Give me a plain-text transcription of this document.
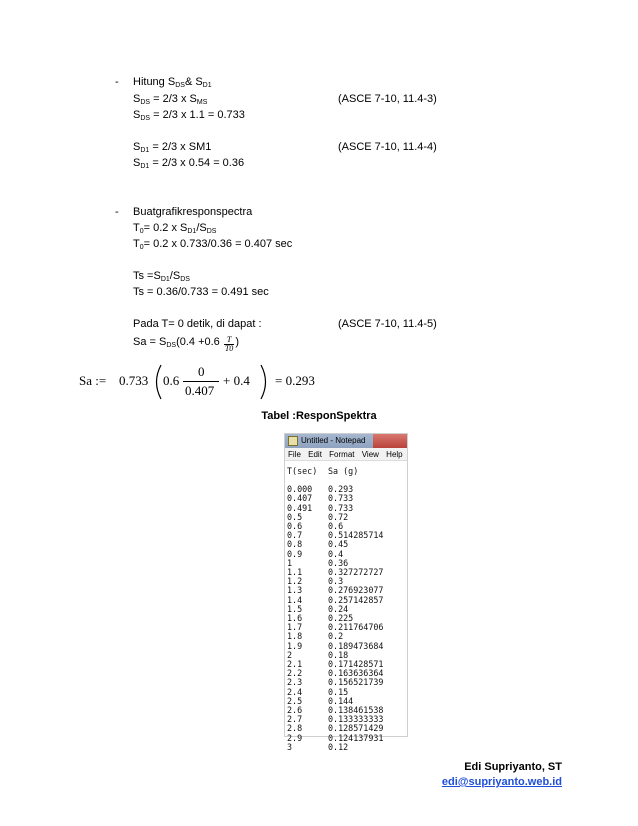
- Hitung $S_{DS}\&$ $S_{D1}$
$S_{DS} = 2/3$ x $S_{MS}$	(ASCE 7-10, 11.4-3)
$S_{DS} = 2/3$ x 1.1 = 0.733
$S_{D1} = 2/3$ x SM1	(ASCE 7-10, 11.4-4)
$S_{D1} = 2/3$ x 0.54 = 0.36
- Buatgrafikresponspectra
$T_0= 0.2$ x $S_{D1}/S_{DS}$
$T_0= 0.2$ x 0.733/0.36 = 0.407 sec
$Ts =S_{D1}/S_{DS}$
Ts = 0.36/0.733 = 0.491 sec
Pada T= 0 detik, di dapat :	(ASCE 7-10, 11.4-5)
$Sa = S_{DS}(0.4 +0.6 \frac{T}{T0}$ )
Sa := 0.733 0.6
0
0.407
+ 0.4 = 0.293
Tabel :ResponSpektra
Untitled - Notepad
File Edit Format View Help
T(sec)	Sa (g)
0.000	0.293
0.407	0.733
0.491	0.733
0.5	0.72
0.6	0.6
0.7	0.514285714
0.8	0.45
0.9	0.4
1	0.36
1.1	0.327272727
1.2	0.3
1.3	0.276923077
1.4	0.257142857
1.5	0.24
1.6	0.225
1.7	0.211764706
1.8	0.2
1.9	0.189473684
2	0.18
2.1	0.171428571
2.2	0.163636364
2.3	0.156521739
2.4	0.15
2.5	0.144
2.6	0.138461538
2.7	0.133333333
2.8	0.128571429
2.9	0.124137931
3	0.12
Edi Supriyanto, ST
edi@supriyanto.web.id
